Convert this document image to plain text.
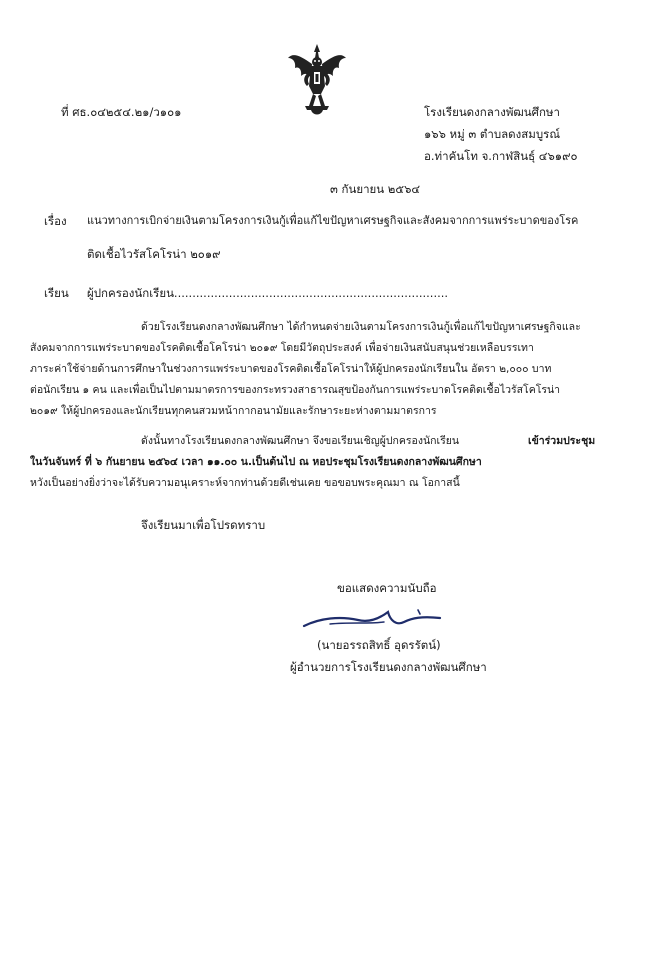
ที่ ศธ.๐๔๒๕๔.๒๑/ว๑๐๑	โรงเรียนดงกลางพัฒนศึกษา
๑๖๖ หมู่ ๓ ตำบลดงสมบูรณ์
อ.ท่าคันโท จ.กาฬสินธุ์ ๔๖๑๙๐
๓ กันยายน ๒๕๖๔
เรื่อง แนวทางการเบิกจ่ายเงินตามโครงการเงินกู้เพื่อแก้ไขปัญหาเศรษฐกิจและสังคมจากการแพร่ระบาดของโรค
ติดเชื้อไวรัสโคโรน่า ๒๐๑๙
เรียน ผู้ปกครองนักเรียน...........................................................................
ด้วยโรงเรียนดงกลางพัฒนศึกษา ได้กำหนดจ่ายเงินตามโครงการเงินกู้เพื่อแก้ไขปัญหาเศรษฐกิจและ
สังคมจากการแพร่ระบาดของโรคติดเชื้อโคโรน่า ๒๐๑๙ โดยมีวัตถุประสงค์ เพื่อจ่ายเงินสนับสนุนช่วยเหลือบรรเทา
ภาระค่าใช้จ่ายด้านการศึกษาในช่วงการแพร่ระบาดของโรคติดเชื้อโคโรน่าให้ผู้ปกครองนักเรียนใน อัตรา ๒,๐๐๐ บาท
ต่อนักเรียน ๑ คน และเพื่อเป็นไปตามมาตรการของกระทรวงสาธารณสุขป้องกันการแพร่ระบาดโรคติดเชื้อไวรัสโคโรน่า
๒๐๑๙ ให้ผู้ปกครองและนักเรียนทุกคนสวมหน้ากากอนามัยและรักษาระยะห่างตามมาตรการ
ดังนั้นทางโรงเรียนดงกลางพัฒนศึกษา จึงขอเรียนเชิญผู้ปกครองนักเรียน	เข้าร่วมประชุม
ในวันจันทร์ ที่ ๖ กันยายน ๒๕๖๔ เวลา ๑๑.๐๐ น.เป็นต้นไป ณ หอประชุมโรงเรียนดงกลางพัฒนศึกษา
หวังเป็นอย่างยิ่งว่าจะได้รับความอนุเคราะห์จากท่านด้วยดีเช่นเคย ขอขอบพระคุณมา ณ โอกาสนี้
จึงเรียนมาเพื่อโปรดทราบ
ขอแสดงความนับถือ
(นายอรรถสิทธิ์ อุดรรัตน์)
ผู้อำนวยการโรงเรียนดงกลางพัฒนศึกษา
